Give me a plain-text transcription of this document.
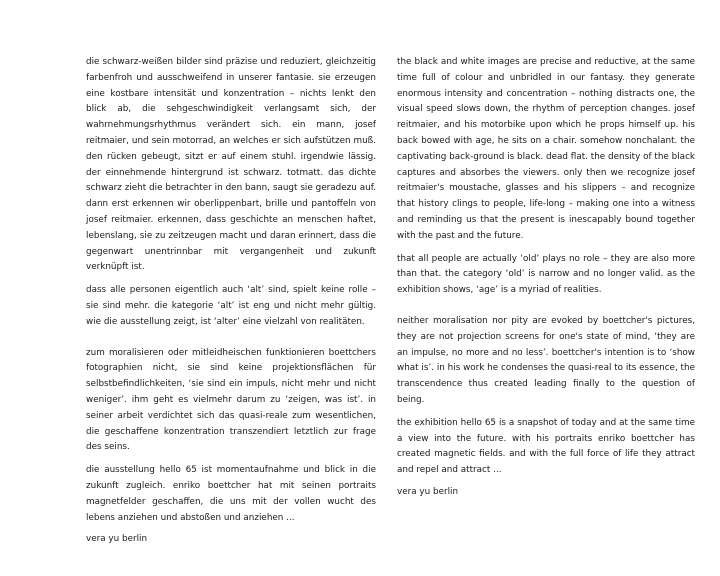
die schwarz-weißen bilder sind präzise und reduziert, gleichzeitig farbenfroh und ausschweifend in unserer fantasie. sie erzeugen eine kostbare intensität und konzentration – nichts lenkt den blick ab, die sehgeschwindigkeit verlangsamt sich, der wahrnehmungsrhythmus verändert sich. ein mann, josef reitmaier, und sein motorrad, an welches er sich aufstützen muß. den rücken gebeugt, sitzt er auf einem stuhl. irgendwie lässig. der einnehmende hintergrund ist schwarz. totmatt. das dichte schwarz zieht die betrachter in den bann, saugt sie geradezu auf. dann erst erkennen wir oberlippenbart, brille und pantoffeln von josef reitmaier. erkennen, dass geschichte an menschen haftet, lebenslang, sie zu zeitzeugen macht und daran erinnert, dass die gegenwart unentrinnbar mit vergangenheit und zukunft verknüpft ist.

dass alle personen eigentlich auch ‘alt’ sind, spielt keine rolle – sie sind mehr. die kategorie ‘alt’ ist eng und nicht mehr gültig. wie die ausstellung zeigt, ist ‘alter’ eine vielzahl von realitäten.

zum moralisieren oder mitleidheischen funktionieren boettchers fotographien nicht, sie sind keine projektionsflächen für selbstbefindlichkeiten, ‘sie sind ein impuls, nicht mehr und nicht weniger’. ihm geht es vielmehr darum zu ‘zeigen, was ist’. in seiner arbeit verdichtet sich das quasi-reale zum wesentlichen, die geschaffene konzentration transzendiert letztlich zur frage des seins.

die ausstellung hello 65 ist momentaufnahme und blick in die zukunft zugleich. enriko boettcher hat mit seinen portraits magnetfelder geschaffen, die uns mit der vollen wucht des lebens anziehen und abstoßen und anziehen ...

vera yu berlin

the black and white images are precise and reductive, at the same time full of colour and unbridled in our fantasy. they generate enormous intensity and concentration – nothing distracts one, the visual speed slows down, the rhythm of perception changes. josef reitmaier, and his motorbike upon which he props himself up. his back bowed with age, he sits on a chair. somehow nonchalant. the captivating back-ground is black. dead flat. the density of the black captures and absorbes the viewers. only then we recognize josef reitmaier's moustache, glasses and his slippers – and recognize that history clings to people, life-long – making one into a witness and reminding us that the present is inescapably bound together with the past and the future.

that all people are actually ‘old’ plays no role – they are also more than that. the category ‘old’ is narrow and no longer valid. as the exhibition shows, ‘age’ is a myriad of realities.

neither moralisation nor pity are evoked by boettcher's pictures, they are not projection screens for one's state of mind, ‘they are an impulse, no more and no less’. boettcher's intention is to ‘show what is’. in his work he condenses the quasi-real to its essence, the transcendence thus created leading finally to the question of being.

the exhibition hello 65 is a snapshot of today and at the same time a view into the future. with his portraits enriko boettcher has created magnetic fields. and with the full force of life they attract and repel and attract ...

vera yu berlin
